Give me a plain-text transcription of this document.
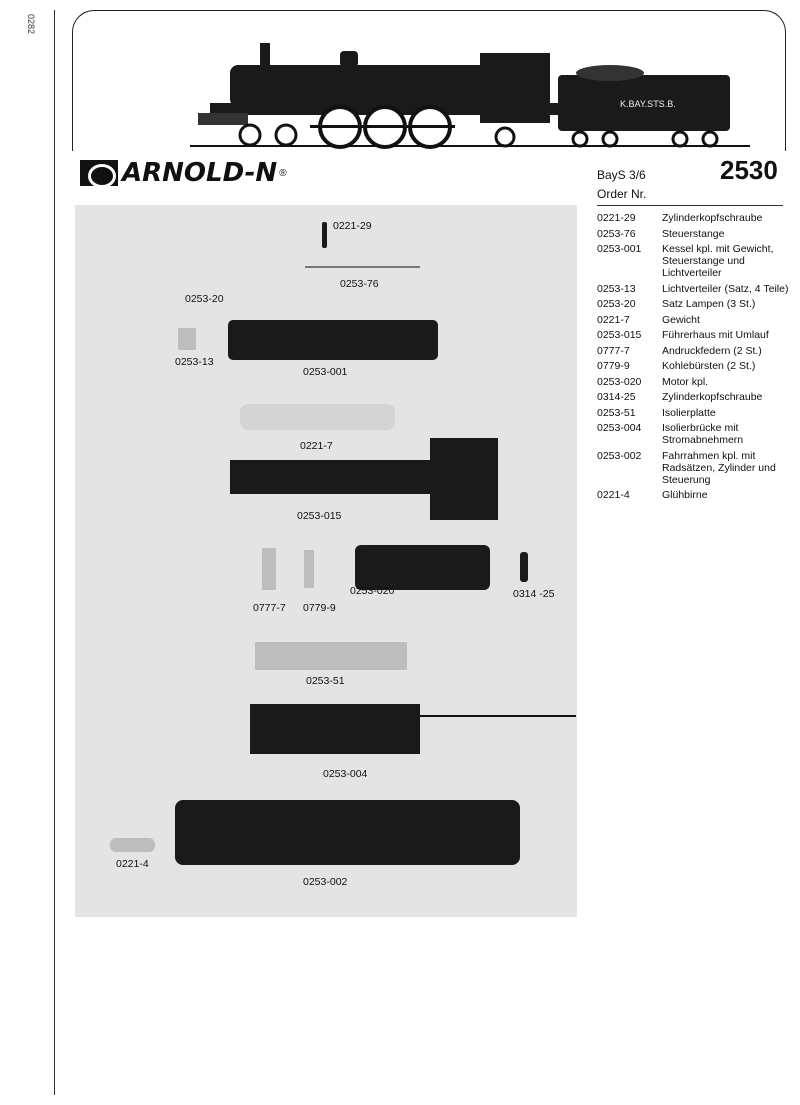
0282
K.BAY.STS.B.
ARNOLD-N ®	BayS 3/6	2530
Order Nr.
0221-29
0253-76
0253-20
0253-13
0253-001
0221-7
0253-015
0253-020	0314 -25
0777-7 0779-9
0253-51
0253-004
0221-4
0253-002
0221-29	Zylinderkopfschraube
0253-76	Steuerstange
0253-001	Kessel kpl. mit Gewicht, Steuerstange und Lichtverteiler
0253-13	Lichtverteiler (Satz, 4 Teile)
0253-20	Satz Lampen (3 St.)
0221-7	Gewicht
0253-015	Führerhaus mit Umlauf
0777-7	Andruckfedern (2 St.)
0779-9	Kohlebürsten (2 St.)
0253-020	Motor kpl.
0314-25	Zylinderkopfschraube
0253-51	Isolierplatte
0253-004	Isolierbrücke mit Stromabnehmern
0253-002	Fahrrahmen kpl. mit Radsätzen, Zylinder und Steuerung
0221-4	Glühbirne
